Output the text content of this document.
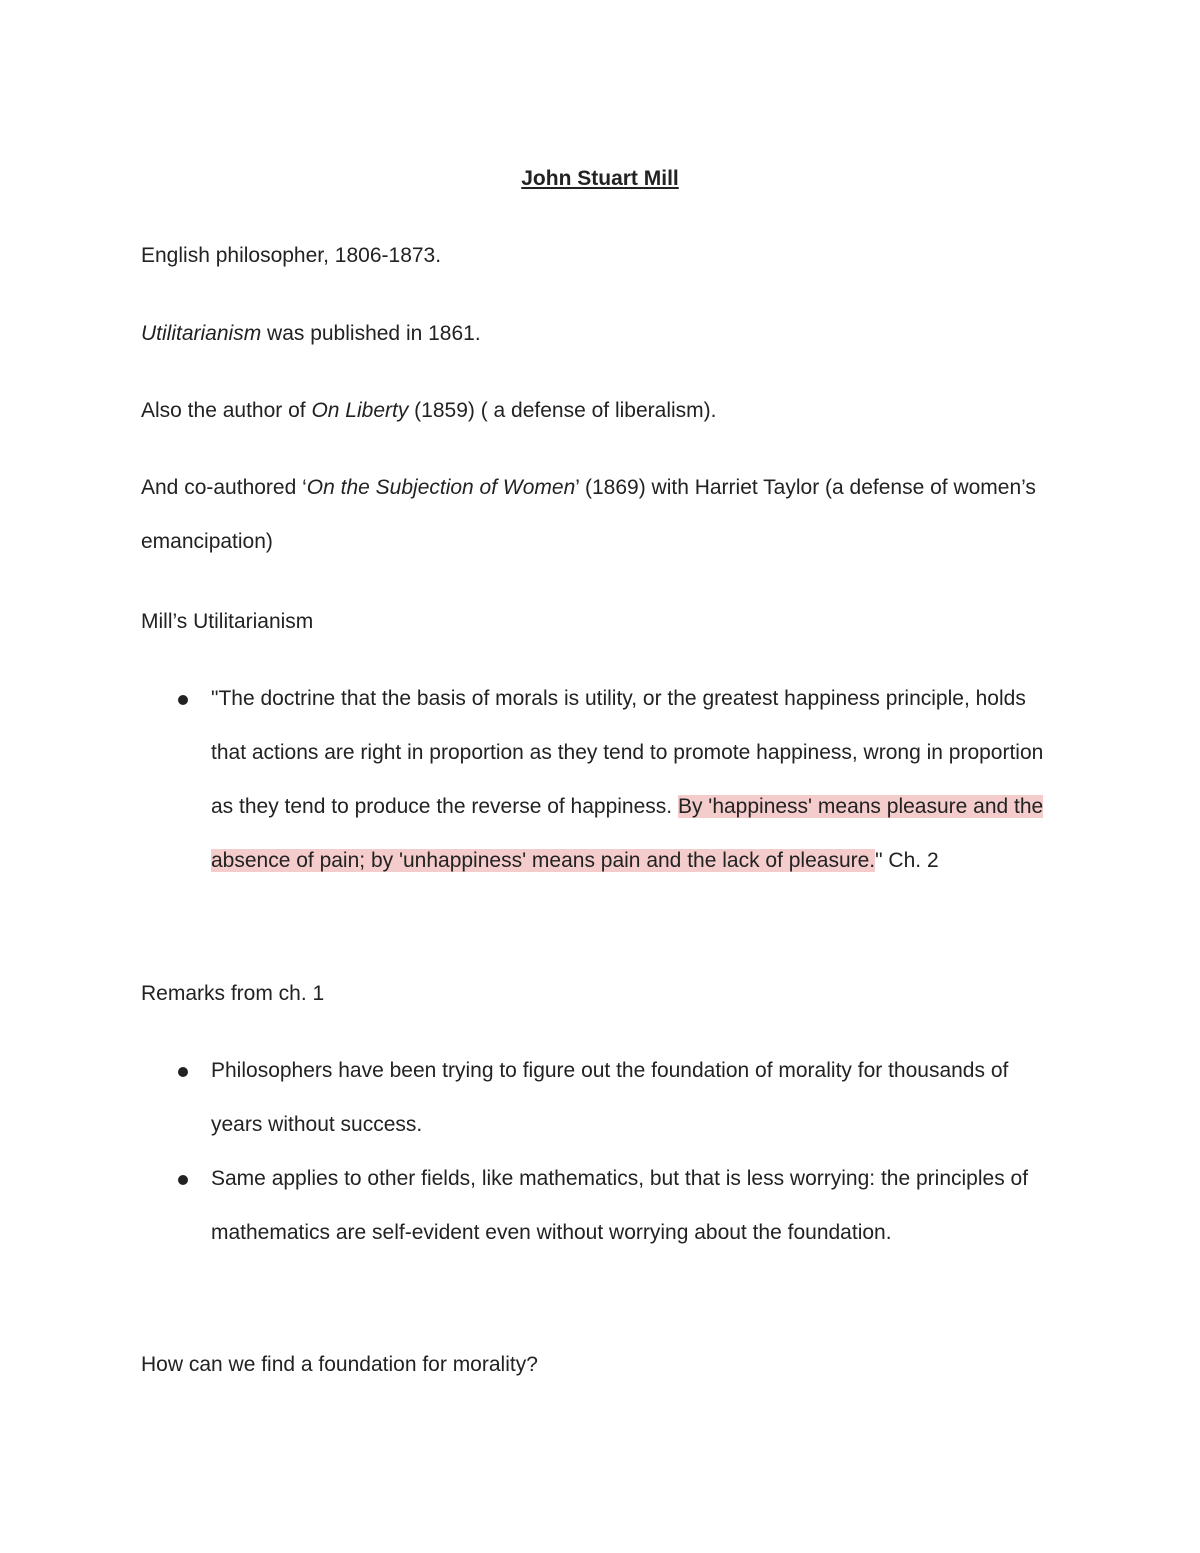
John Stuart Mill

English philosopher, 1806-1873.

Utilitarianism was published in 1861.

Also the author of On Liberty (1859) ( a defense of liberalism).

And co-authored ‘On the Subjection of Women’ (1869) with Harriet Taylor (a defense of women’s emancipation)

Mill’s Utilitarianism

"The doctrine that the basis of morals is utility, or the greatest happiness principle, holds that actions are right in proportion as they tend to promote happiness, wrong in proportion as they tend to produce the reverse of happiness. By 'happiness' means pleasure and the absence of pain; by 'unhappiness' means pain and the lack of pleasure." Ch. 2

Remarks from ch. 1

Philosophers have been trying to figure out the foundation of morality for thousands of years without success.
Same applies to other fields, like mathematics, but that is less worrying: the principles of mathematics are self-evident even without worrying about the foundation.

How can we find a foundation for morality?
